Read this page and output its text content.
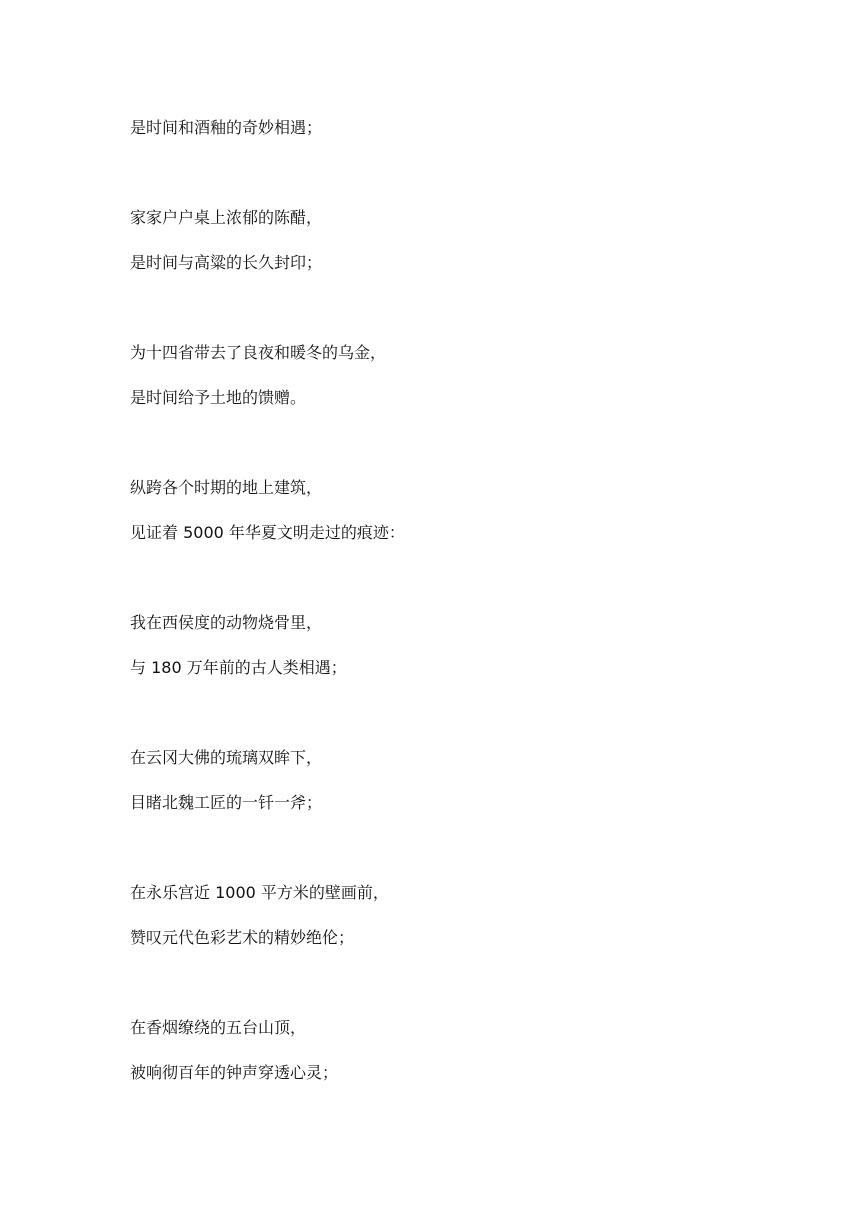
是时间和酒釉的奇妙相遇；

家家户户桌上浓郁的陈醋，

是时间与高粱的长久封印；

为十四省带去了良夜和暖冬的乌金，

是时间给予土地的馈赠。

纵跨各个时期的地上建筑，

见证着 5000 年华夏文明走过的痕迹：

我在西侯度的动物烧骨里，

与 180 万年前的古人类相遇；

在云冈大佛的琉璃双眸下，

目睹北魏工匠的一钎一斧；

在永乐宫近 1000 平方米的壁画前，

赞叹元代色彩艺术的精妙绝伦；

在香烟缭绕的五台山顶，

被响彻百年的钟声穿透心灵；
